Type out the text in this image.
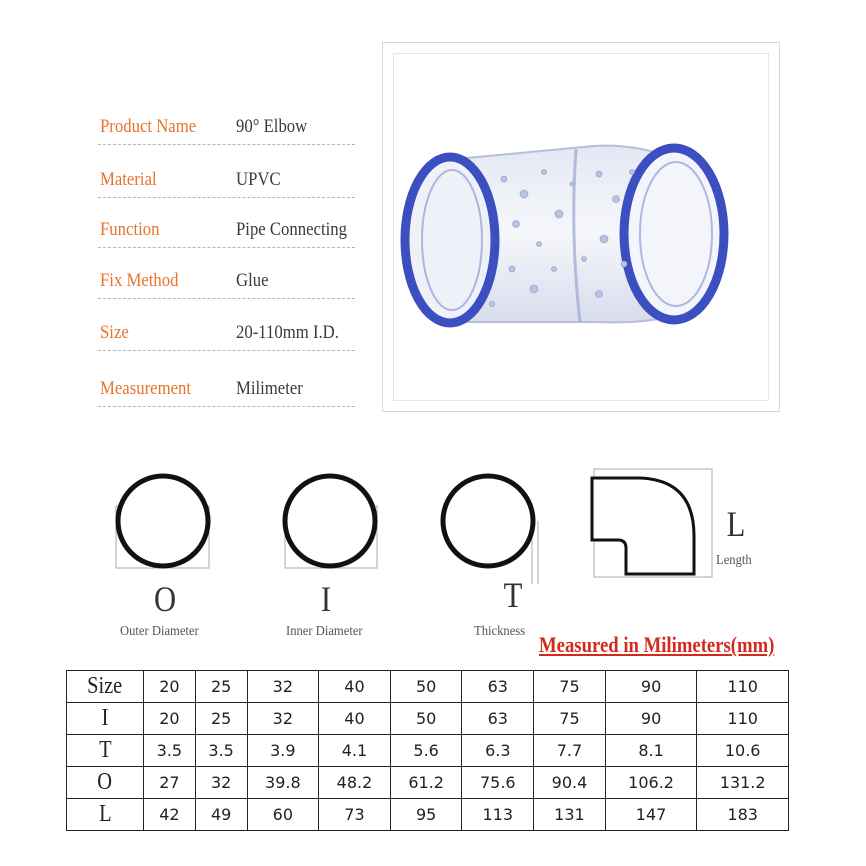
Product Name 90° Elbow
Material	UPVC
Function	Pipe Connecting
Fix Method	Glue
Size	20-110mm I.D.
Measurement Milimeter
O
Outer Diameter
I
Inner Diameter
T
Thickness
L
Length
Measured in Milimeters(mm)
Size	20	25	32	40	50	63	75	90	110
I	20	25	32	40	50	63	75	90	110
T	3.5	3.5	3.9	4.1	5.6	6.3	7.7	8.1	10.6
O	27	32	39.8	48.2	61.2	75.6	90.4	106.2	131.2
L	42	49	60	73	95	113	131	147	183
